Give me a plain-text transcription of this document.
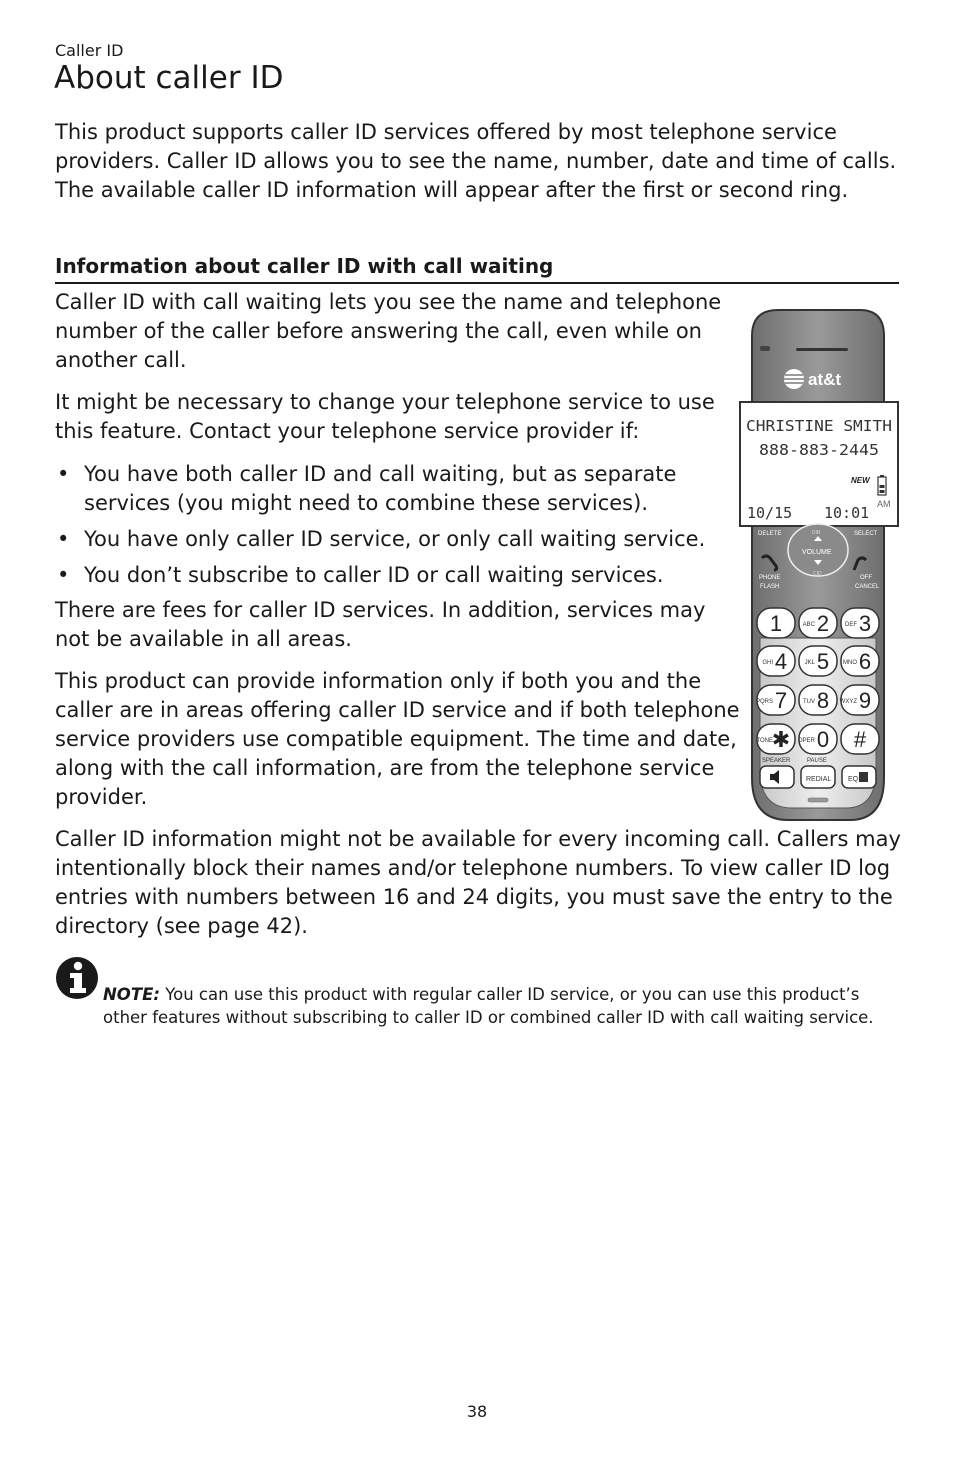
Caller ID
About caller ID

This product supports caller ID services offered by most telephone service providers. Caller ID allows you to see the name, number, date and time of calls. The available caller ID information will appear after the first or second ring.

Information about caller ID with call waiting

Caller ID with call waiting lets you see the name and telephone number of the caller before answering the call, even while on another call.

It might be necessary to change your telephone service to use this feature. Contact your telephone service provider if:

• You have both caller ID and call waiting, but as separate services (you might need to combine these services).
• You have only caller ID service, or only call waiting service.
• You don’t subscribe to caller ID or call waiting services.

There are fees for caller ID services. In addition, services may not be available in all areas.

This product can provide information only if both you and the caller are in areas offering caller ID service and if both telephone service providers use compatible equipment. The time and date, along with the call information, are from the telephone service provider.

Caller ID information might not be available for every incoming call. Callers may intentionally block their names and/or telephone numbers. To view caller ID log entries with numbers between 16 and 24 digits, you must save the entry to the directory (see page 42).

NOTE: You can use this product with regular caller ID service, or you can use this product’s other features without subscribing to caller ID or combined caller ID with call waiting service.
at&t
CHRISTINE SMITH
888-883-2445
NEW
10/15 10:01 AM
DELETE	SELECT
DIR
VOLUME
CID
PHONE
FLASH
OFF
CANCEL
1	ABC 2	DEF 3
GHI 4	JKL 5 MNO 6
PQRS 7	TUV 8 WXYZ 9
TONE
✱ OPER 0 #
SPEAKER	PAUSE
REDIAL EQ
38
